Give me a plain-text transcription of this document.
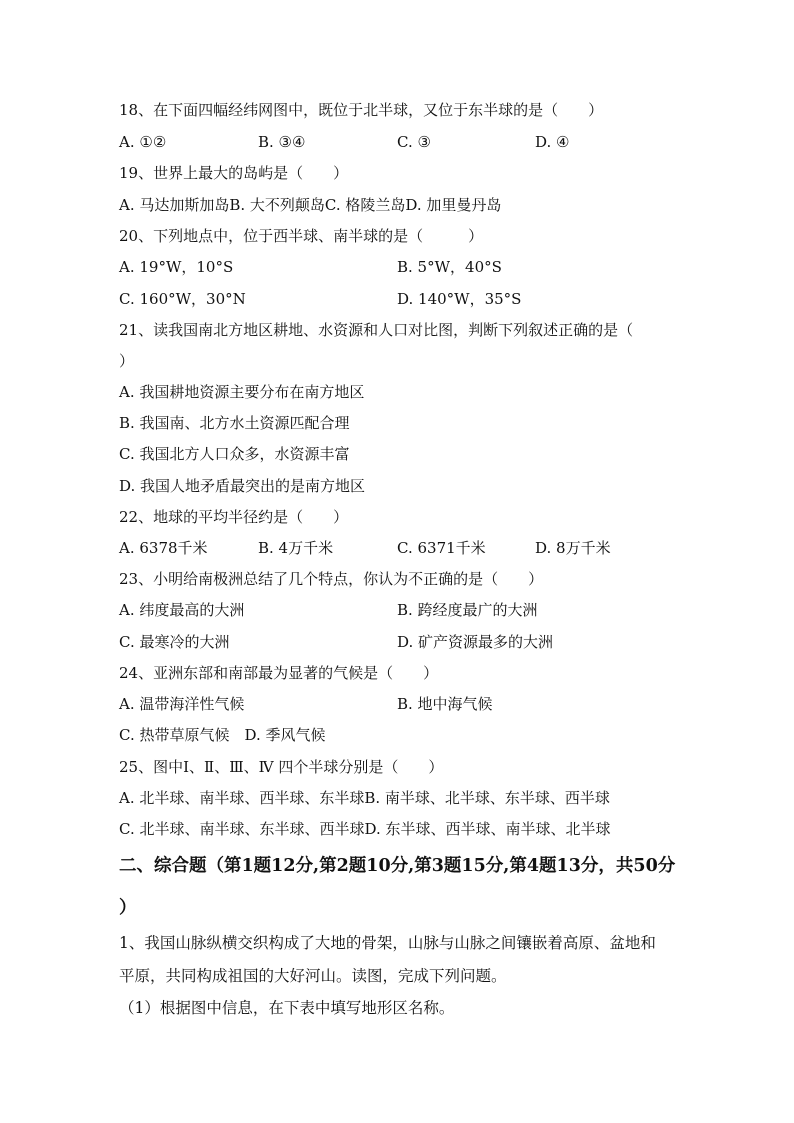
18、在下面四幅经纬网图中，既位于北半球，又位于东半球的是（　　）
A. ①②	B. ③④	C. ③	D. ④
19、世界上最大的岛屿是（　　）
A. 马达加斯加岛B. 大不列颠岛C. 格陵兰岛D. 加里曼丹岛
20、下列地点中，位于西半球、南半球的是（　　　）
A. 19°W，10°S	B. 5°W，40°S
C. 160°W，30°N	D. 140°W，35°S
21、读我国南北方地区耕地、水资源和人口对比图，判断下列叙述正确的是（
）
A. 我国耕地资源主要分布在南方地区
B. 我国南、北方水土资源匹配合理
C. 我国北方人口众多，水资源丰富
D. 我国人地矛盾最突出的是南方地区
22、地球的平均半径约是（　　）
A. 6378千米	B. 4万千米	C. 6371千米	D. 8万千米
23、小明给南极洲总结了几个特点，你认为不正确的是（　　）
A. 纬度最高的大洲	B. 跨经度最广的大洲
C. 最寒冷的大洲	D. 矿产资源最多的大洲
24、亚洲东部和南部最为显著的气候是（　　）
A. 温带海洋性气候	B. 地中海气候
C. 热带草原气候　D. 季风气候
25、图中Ⅰ、Ⅱ、Ⅲ、Ⅳ 四个半球分别是（　　）
A. 北半球、南半球、西半球、东半球B. 南半球、北半球、东半球、西半球
C. 北半球、南半球、东半球、西半球D. 东半球、西半球、南半球、北半球
二、综合题（第1题12分,第2题10分,第3题15分,第4题13分，共50分
）
1、我国山脉纵横交织构成了大地的骨架，山脉与山脉之间镶嵌着高原、盆地和
平原，共同构成祖国的大好河山。读图，完成下列问题。
（1）根据图中信息，在下表中填写地形区名称。
